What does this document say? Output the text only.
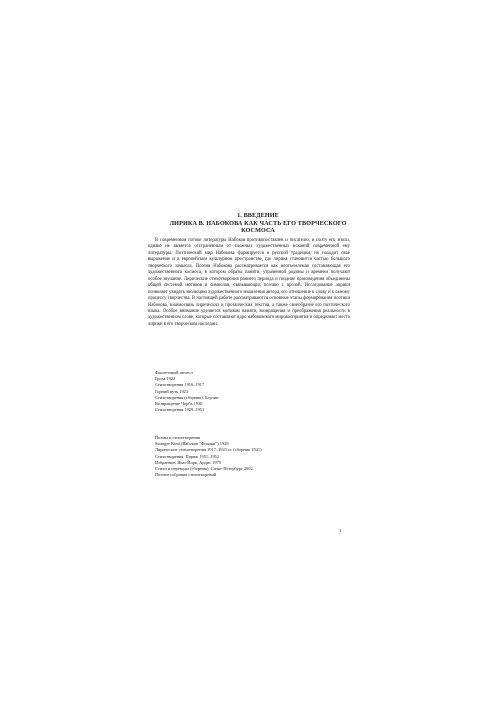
1. ВВЕДЕНИЕ
ЛИРИКА В. НАБОКОВА КАК ЧАСТЬ ЕГО ТВОРЧЕСКОГО
КОСМОСА

В современном потоке литературы Набоков противопоставлен и писателю, и поэту его эпохи, однако не является отстраненным от сложных художественных исканий современной ему литературы. Поэтический мир Набокова формируется в русской традиции, но находит своё выражение и в европейском культурном пространстве, где лирика становится частью большого творческого замысла. Поэзия Набокова рассматривается как неотъемлемая составляющая его художественного космоса, в котором образы памяти, утраченной родины и времени получают особое звучание. Лирические стихотворения раннего периода и поздние произведения объединены общей системой мотивов и символов, связывающих поэзию с прозой. Исследование лирики позволяет увидеть эволюцию художественного мышления автора, его отношение к слову и к самому процессу творчества. В настоящей работе рассматриваются основные этапы формирования поэтики Набокова, взаимосвязь лирических и прозаических текстов, а также своеобразие его поэтического языка. Особое внимание уделяется мотивам памяти, возвращения и преображения реальности в художественном слове, которые составляют ядро набоковского мировосприятия и определяют место лирики в его творческом наследии.

Фиолетовый шелест
Гроза 1922
Стихотворения 1916–1917
Горний путь 1923
Стихотворения (сборник), Берлин
Возвращение Чорба 1930
Стихотворения 1929–1951
Поэмы и стихотворения
Stranger Kind (Набоков "Фиалки") 1928
Лирические стихотворения 1917–1923 гг. (сборник 1941)
Стихотворения, Париж 1951–1952
Избранное, Нью-Йорк, Ардис 1979
Стихи и переводы (сборник), Санкт-Петербург 2002
Полное собрание стихотворений
1
